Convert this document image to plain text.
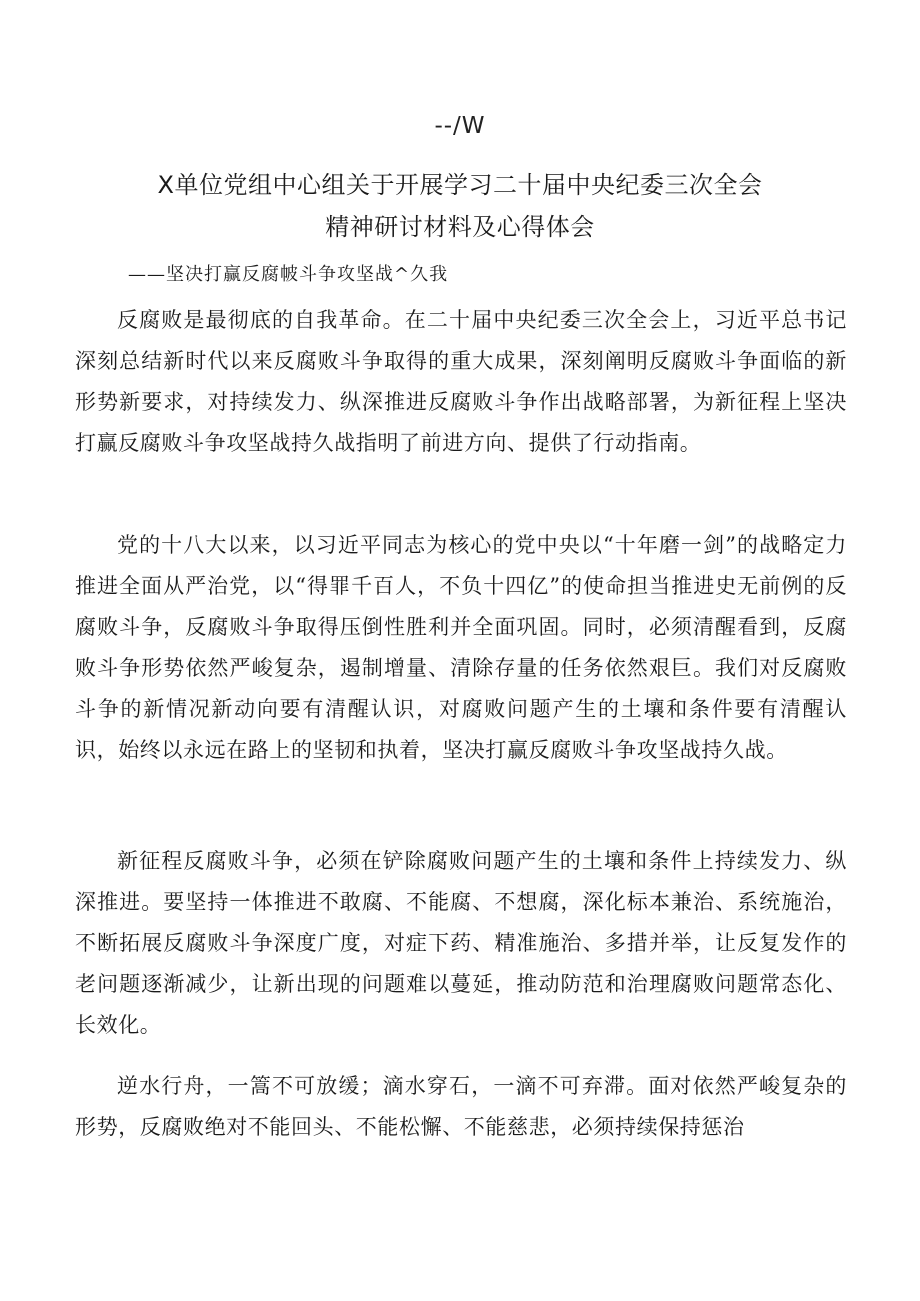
--/W
X单位党组中心组关于开展学习二十届中央纪委三次全会
精神研讨材料及心得体会
——坚决打赢反腐帔斗争攻坚战^久我

反腐败是最彻底的自我革命。在二十届中央纪委三次全会上，习近平总书记深刻总结新时代以来反腐败斗争取得的重大成果，深刻阐明反腐败斗争面临的新形势新要求，对持续发力、纵深推进反腐败斗争作出战略部署，为新征程上坚决打赢反腐败斗争攻坚战持久战指明了前进方向、提供了行动指南。

党的十八大以来，以习近平同志为核心的党中央以“十年磨一剑”的战略定力推进全面从严治党，以“得罪千百人，不负十四亿”的使命担当推进史无前例的反腐败斗争，反腐败斗争取得压倒性胜利并全面巩固。同时，必须清醒看到，反腐败斗争形势依然严峻复杂，遏制增量、清除存量的任务依然艰巨。我们对反腐败斗争的新情况新动向要有清醒认识，对腐败问题产生的土壤和条件要有清醒认识，始终以永远在路上的坚韧和执着，坚决打赢反腐败斗争攻坚战持久战。

新征程反腐败斗争，必须在铲除腐败问题产生的土壤和条件上持续发力、纵深推进。要坚持一体推进不敢腐、不能腐、不想腐，深化标本兼治、系统施治，不断拓展反腐败斗争深度广度，对症下药、精准施治、多措并举，让反复发作的老问题逐渐减少，让新出现的问题难以蔓延，推动防范和治理腐败问题常态化、长效化。

逆水行舟，一篙不可放缓；滴水穿石，一滴不可弃滞。面对依然严峻复杂的形势，反腐败绝对不能回头、不能松懈、不能慈悲，必须持续保持惩治
